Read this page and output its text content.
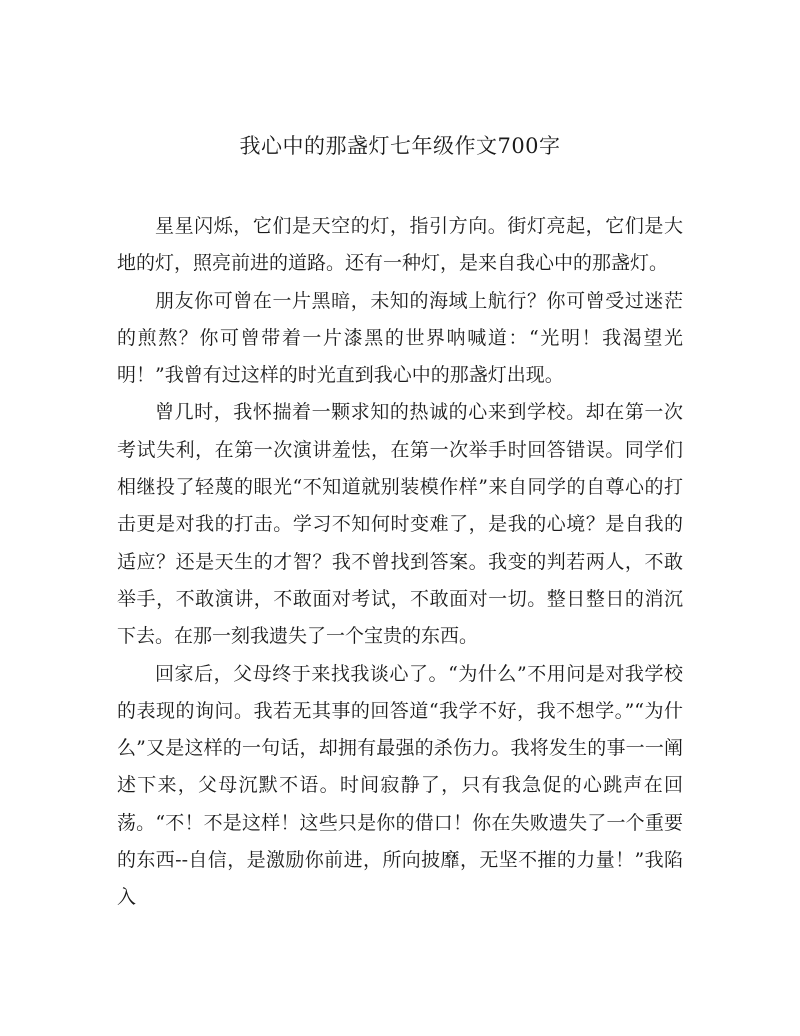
我心中的那盏灯七年级作文700字

星星闪烁，它们是天空的灯，指引方向。街灯亮起，它们是大地的灯，照亮前进的道路。还有一种灯，是来自我心中的那盏灯。

朋友你可曾在一片黑暗，未知的海域上航行？你可曾受过迷茫的煎熬？你可曾带着一片漆黑的世界呐喊道：“光明！我渴望光明！”我曾有过这样的时光直到我心中的那盏灯出现。

曾几时，我怀揣着一颗求知的热诚的心来到学校。却在第一次考试失利，在第一次演讲羞怯，在第一次举手时回答错误。同学们相继投了轻蔑的眼光“不知道就别装模作样”来自同学的自尊心的打击更是对我的打击。学习不知何时变难了，是我的心境？是自我的适应？还是天生的才智？我不曾找到答案。我变的判若两人，不敢举手，不敢演讲，不敢面对考试，不敢面对一切。整日整日的消沉下去。在那一刻我遗失了一个宝贵的东西。

回家后，父母终于来找我谈心了。“为什么”不用问是对我学校的表现的询问。我若无其事的回答道“我学不好，我不想学。”“为什么”又是这样的一句话，却拥有最强的杀伤力。我将发生的事一一阐述下来，父母沉默不语。时间寂静了，只有我急促的心跳声在回荡。“不！不是这样！这些只是你的借口！你在失败遗失了一个重要的东西--自信，是激励你前进，所向披靡，无坚不摧的力量！”我陷入
